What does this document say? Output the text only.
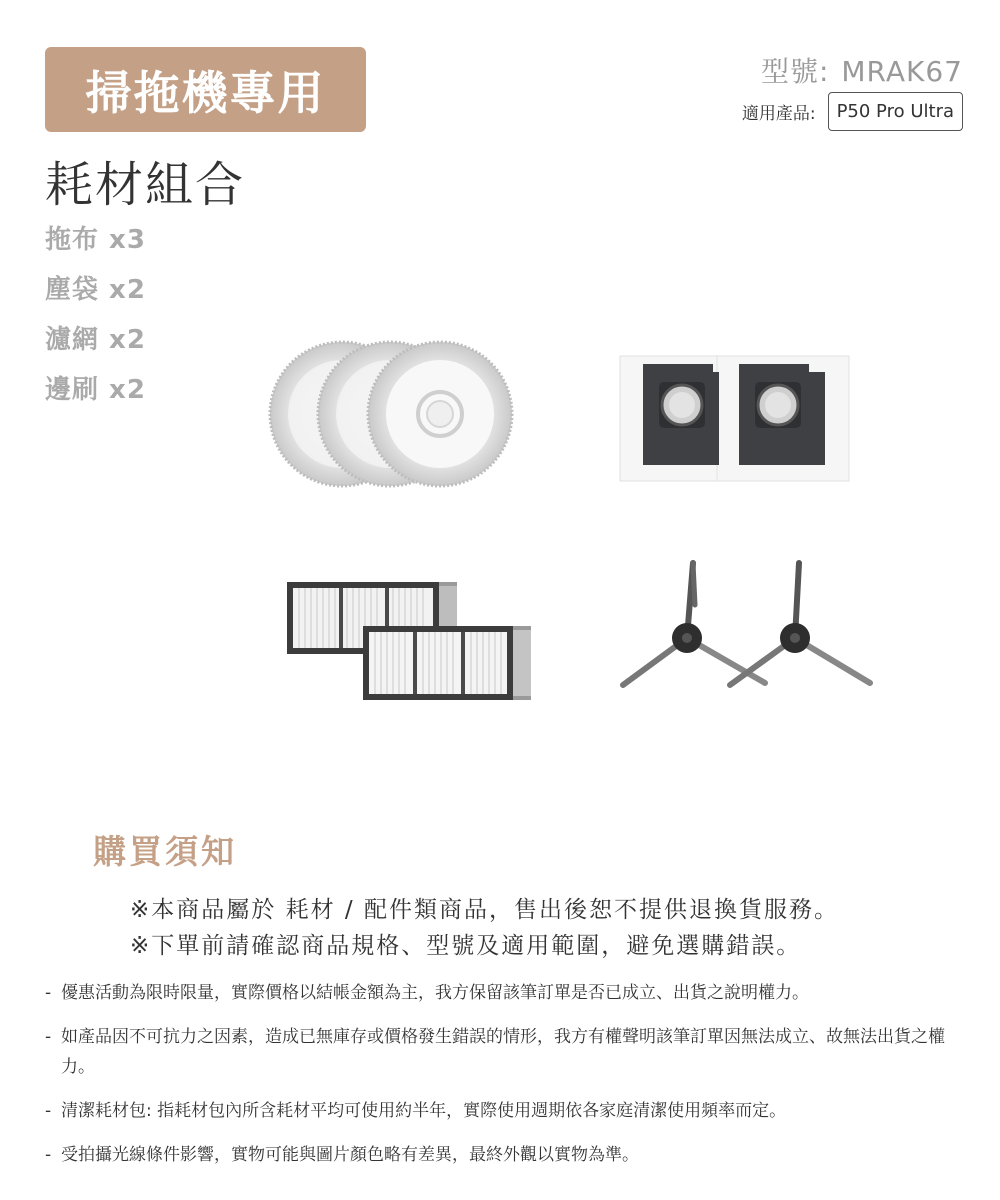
掃拖機專用
耗材組合
型號: MRAK67
適用產品:	P50 Pro Ultra
拖布 x3
塵袋 x2
濾網 x2
邊刷 x2
購買須知
※本商品屬於 耗材 / 配件類商品，售出後恕不提供退換貨服務。
※下單前請確認商品規格、型號及適用範圍，避免選購錯誤。
- 優惠活動為限時限量，實際價格以結帳金額為主，我方保留該筆訂單是否已成立、出貨之說明權力。
- 如產品因不可抗力之因素，造成已無庫存或價格發生錯誤的情形，我方有權聲明該筆訂單因無法成立、故無法出貨之權力。
- 清潔耗材包: 指耗材包內所含耗材平均可使用約半年，實際使用週期依各家庭清潔使用頻率而定。
- 受拍攝光線條件影響，實物可能與圖片顏色略有差異，最終外觀以實物為準。
